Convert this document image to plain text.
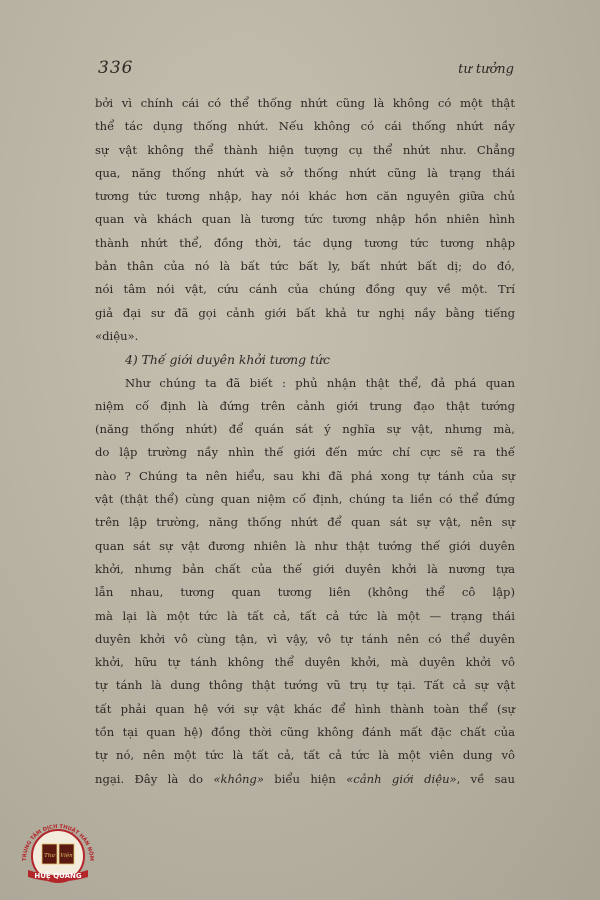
336	tư tưởng
bởi vì chính cái có thể thống nhứt cũng là không có một thật
thể tác dụng thống nhứt. Nếu không có cái thống nhứt nầy
sự vật không thể thành hiện tượng cụ thể nhứt như. Chẳng
qua, năng thống nhứt và sở thống nhứt cũng là trạng thái
tương tức tương nhập, hay nói khác hơn căn nguyên giữa chủ
quan và khách quan là tương tức tương nhập hồn nhiên hình
thành nhứt thể, đồng thời, tác dụng tương tức tương nhập
bản thân của nó là bất tức bất ly, bất nhứt bất dị; do đó,
nói tâm nói vật, cứu cánh của chúng đồng quy về một. Trí
giả đại sư đã gọi cảnh giới bất khả tư nghị nầy bằng tiếng
«diệu».
4) Thế giới duyên khởi tương tức
Như chúng ta đã biết : phủ nhận thật thể, đả phá quan
niệm cố định là đứng trên cảnh giới trung đạo thật tướng
(năng thống nhứt) để quán sát ý nghĩa sự vật, nhưng mà,
do lập trường nầy nhìn thế giới đến mức chí cực sẽ ra thế
nào ? Chúng ta nên hiểu, sau khi đã phá xong tự tánh của sự
vật (thật thể) cùng quan niệm cố định, chúng ta liền có thể đứng
trên lập trường, năng thống nhứt để quan sát sự vật, nên sự
quan sát sự vật đương nhiên là như thật tướng thế giới duyên
khởi, nhưng bản chất của thế giới duyên khởi là nương tựa
lẫn nhau, tương quan tương liên (không thể cô lập)
mà lại là một tức là tất cả, tất cả tức là một — trạng thái
duyên khởi vô cùng tận, vì vậy, vô tự tánh nên có thể duyên
khởi, hữu tự tánh không thể duyên khởi, mà duyên khởi vô
tự tánh là dung thông thật tướng vũ trụ tự tại. Tất cả sự vật
tất phải quan hệ với sự vật khác để hình thành toàn thể (sự
tồn tại quan hệ) đồng thời cũng không đánh mất đặc chất của
tự nó, nên một tức là tất cả, tất cả tức là một viên dung vô
ngại. Đây là do «không» biểu hiện «cảnh giới diệu», về sau
TRUNG TÂM DỊCH THUẬT HÁN NÔM
Thư Viện
HUỆ QUANG
